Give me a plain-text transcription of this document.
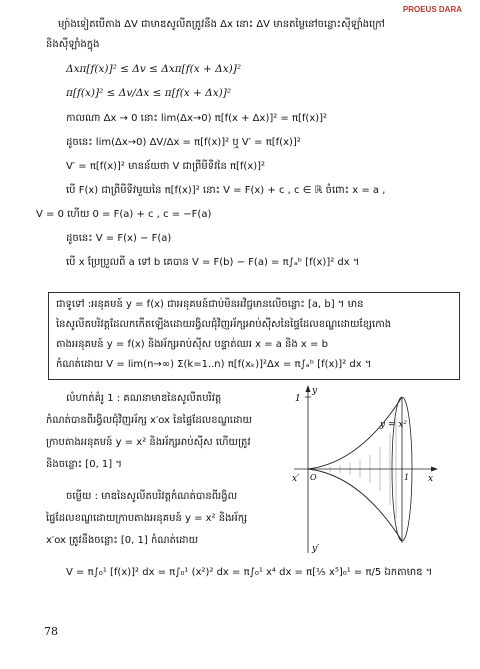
PROEUS DARA
ម្យ៉ាងទៀតបើតាង ΔV ជាមាឌសូលីតត្រូវនឹង Δx នោះ ΔV មានតម្លៃនៅចន្លោះស៊ីឡាំងក្រៅ
និងស៊ីឡាំងក្នុង
Δxπ[f(x)]² ≤ Δv ≤ Δxπ[f(x + Δx)]²
π[f(x)]² ≤ Δv/Δx ≤ π[f(x + Δx)]²
កាលណា Δx → 0 នោះ lim(Δx→0) π[f(x + Δx)]² = π[f(x)]²
ដូចនេះ lim(Δx→0) ΔV/Δx = π[f(x)]² ឬ V′ = π[f(x)]²
V′ = π[f(x)]² មានន័យថា V ជាព្រីមីទីវនៃ π[f(x)]²
បើ F(x) ជាព្រីមីទីវមួយនៃ π[f(x)]² នោះ V = F(x) + c , c ∈ ℝ ចំពោះ x = a ,
V = 0 ហើយ 0 = F(a) + c , c = −F(a)
ដូចនេះ V = F(x) − F(a)
បើ x ប្រែប្រួលពី a ទៅ b គេបាន V = F(b) − F(a) = π∫ₐᵇ [f(x)]² dx ។
ជាទូទៅ :អនុគមន៍ y = f(x) ជាអនុគមន៍ជាប់មិនអវិជ្ជមានលើចន្លោះ [a, b] ។ មាន
នៃសូលីតបរិវត្តដែលកកើតឡើងដោយរង្វិលជុំវិញអ័ក្សអាប់ស៊ីសនៃផ្ទៃដែលខណ្ឌដោយខ្សែកោង
តាងអនុគមន៍ y = f(x) និងអ័ក្សអាប់ស៊ីស បន្ទាត់ឈរ x = a និង x = b
កំណត់ដោយ V = lim(n→∞) Σ(k=1..n) π[f(xₖ)]²Δx = π∫ₐᵇ [f(x)]² dx ។
លំហាត់គំរូ 1 : គណនាមាឌនៃសូលីតបរិវត្ត
កំណត់បានពីរង្វិលជុំវិញអ័ក្ស x′ox នៃផ្ទៃដែលខណ្ឌដោយ
ក្រាបតាងអនុគមន៍ y = x² និងអ័ក្សអាប់ស៊ីស ហើយត្រូវ
និងចន្លោះ [0, 1] ។
ចម្លើយ : មាឌនៃសូលីតបរិវត្តកំណត់បានពីរង្វិល
ផ្ទៃដែលខណ្ឌដោយក្រាបតាងអនុគមន៍ y = x² និងអ័ក្ស
x′ox ត្រូវនឹងចន្លោះ [0, 1] កំណត់ដោយ
V = π∫₀¹ [f(x)]² dx = π∫₀¹ (x²)² dx = π∫₀¹ x⁴ dx = π[⅕ x⁵]₀¹ = π/5 ឯកតាមាឌ ។
1
y
x
x′
y′
O	1
y = x²
78
